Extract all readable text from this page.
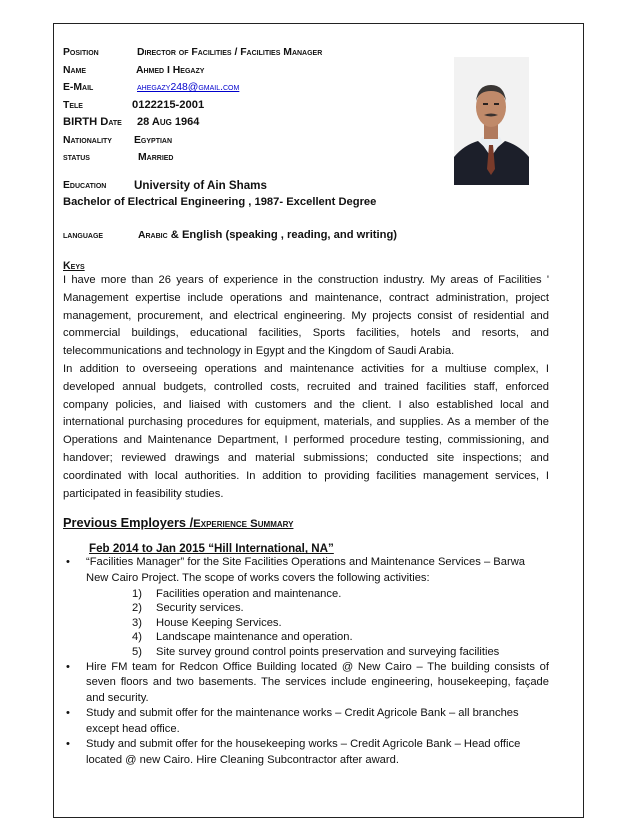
Position	Director of Facilities / Facilities Manager
Name	Ahmed I Hegazy
E-Mail	ahegazy248@gmail.com
Tele	0122215-2001
BIRTH Date 28 Aug 1964
Nationality Egyptian
status	Married
Education University of Ain Shams
Bachelor of Electrical Engineering , 1987- Excellent Degree
language	Arabic & English (speaking , reading, and writing)
Keys

I have more than 26 years of experience in the construction industry. My areas of Facilities ' Management expertise include operations and maintenance, contract administration, project management, procurement, and electrical engineering. My projects consist of residential and commercial buildings, educational facilities, Sports facilities, hotels and resorts, and telecommunications and technology in Egypt and the Kingdom of Saudi Arabia.

In addition to overseeing operations and maintenance activities for a multiuse complex, I developed annual budgets, controlled costs, recruited and trained facilities staff, enforced company policies, and liaised with customers and the client. I also established local and international purchasing procedures for equipment, materials, and supplies. As a member of the Operations and Maintenance Department, I performed procedure testing, commissioning, and handover; reviewed drawings and material submissions; conducted site inspections; and coordinated with local authorities. In addition to providing facilities management services, I participated in feasibility studies.

Previous Employers /Experience Summary
Feb 2014 to Jan 2015 “Hill International, NA”
• “Facilities Manager” for the Site Facilities Operations and Maintenance Services – Barwa New Cairo Project. The scope of works covers the following activities:
1) Facilities operation and maintenance.
2) Security services.
3) House Keeping Services.
4) Landscape maintenance and operation.
5) Site survey ground control points preservation and surveying facilities
• Hire FM team for Redcon Office Building located @ New Cairo – The building consists of seven floors and two basements. The services include engineering, housekeeping, façade and security.
• Study and submit offer for the maintenance works – Credit Agricole Bank – all branches except head office.
• Study and submit offer for the housekeeping works – Credit Agricole Bank – Head office located @ new Cairo. Hire Cleaning Subcontractor after award.
